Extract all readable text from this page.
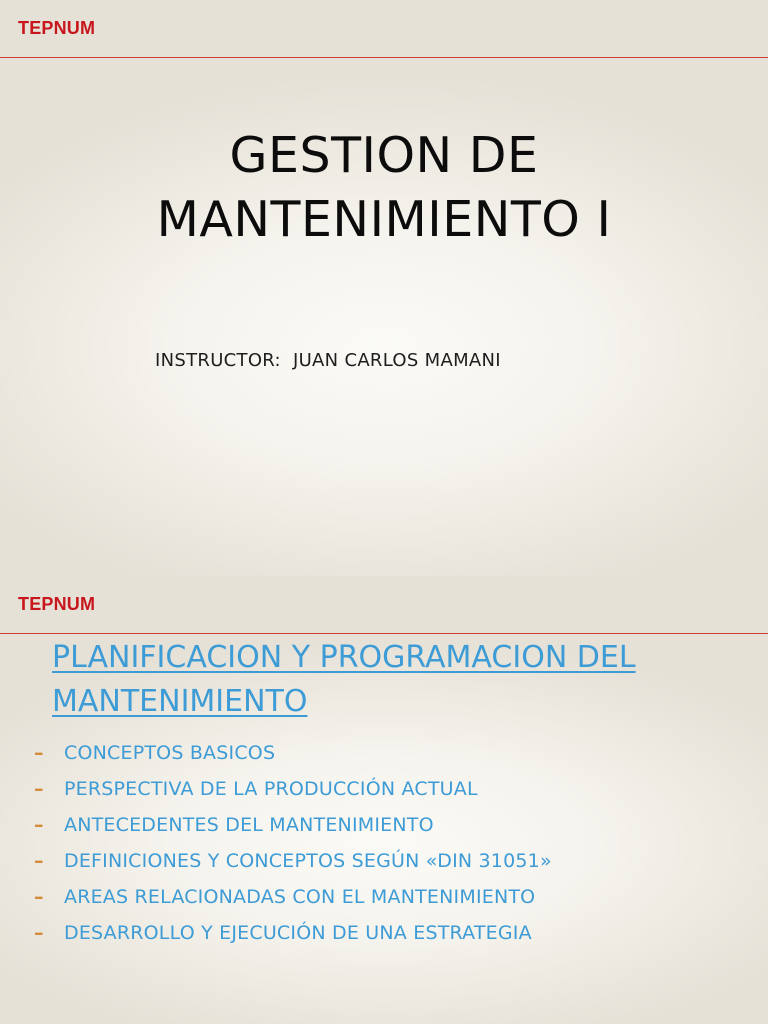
TEPNUM
GESTION DE
MANTENIMIENTO I
INSTRUCTOR:  JUAN CARLOS MAMANI
TEPNUM
PLANIFICACION Y PROGRAMACION DEL
MANTENIMIENTO
–	CONCEPTOS BASICOS
–	PERSPECTIVA DE LA PRODUCCIÓN ACTUAL
–	ANTECEDENTES DEL MANTENIMIENTO
–	DEFINICIONES Y CONCEPTOS SEGÚN «DIN 31051»
–	AREAS RELACIONADAS CON EL MANTENIMIENTO
–	DESARROLLO Y EJECUCIÓN DE UNA ESTRATEGIA
